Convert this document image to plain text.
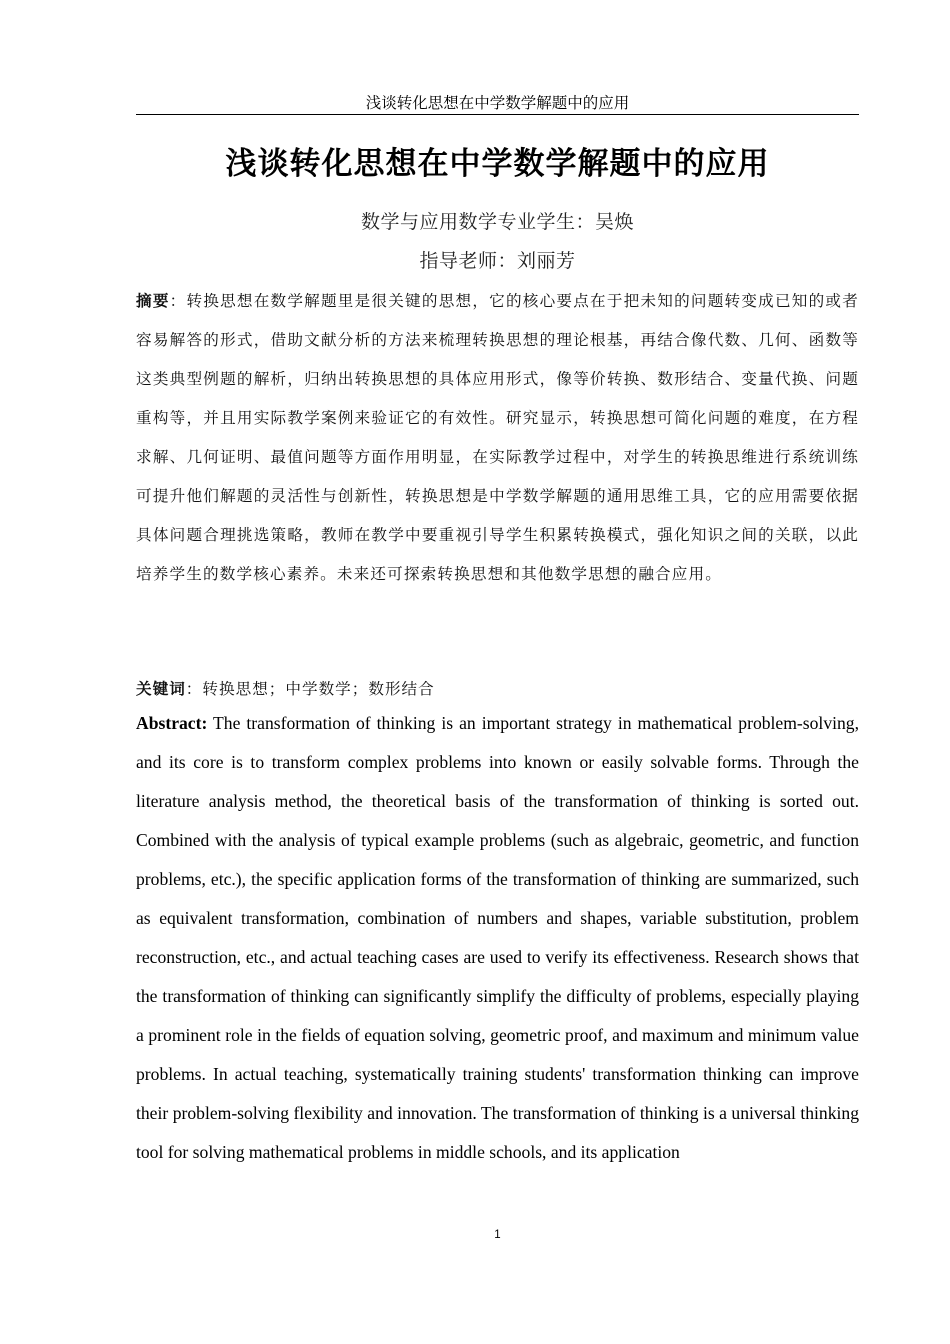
浅谈转化思想在中学数学解题中的应用
浅谈转化思想在中学数学解题中的应用
数学与应用数学专业学生：吴焕
指导老师：刘丽芳
摘要：转换思想在数学解题里是很关键的思想，它的核心要点在于把未知的问题转变成已知的或者容易解答的形式，借助文献分析的方法来梳理转换思想的理论根基，再结合像代数、几何、函数等这类典型例题的解析，归纳出转换思想的具体应用形式，像等价转换、数形结合、变量代换、问题重构等，并且用实际教学案例来验证它的有效性。研究显示，转换思想可简化问题的难度，在方程求解、几何证明、最值问题等方面作用明显，在实际教学过程中，对学生的转换思维进行系统训练可提升他们解题的灵活性与创新性，转换思想是中学数学解题的通用思维工具，它的应用需要依据具体问题合理挑选策略，教师在教学中要重视引导学生积累转换模式，强化知识之间的关联，以此培养学生的数学核心素养。未来还可探索转换思想和其他数学思想的融合应用。
关键词：转换思想；中学数学；数形结合
Abstract: The transformation of thinking is an important strategy in mathematical problem-solving, and its core is to transform complex problems into known or easily solvable forms. Through the literature analysis method, the theoretical basis of the transformation of thinking is sorted out. Combined with the analysis of typical example problems (such as algebraic, geometric, and function problems, etc.), the specific application forms of the transformation of thinking are summarized, such as equivalent transformation, combination of numbers and shapes, variable substitution, problem reconstruction, etc., and actual teaching cases are used to verify its effectiveness. Research shows that the transformation of thinking can significantly simplify the difficulty of problems, especially playing a prominent role in the fields of equation solving, geometric proof, and maximum and minimum value problems. In actual teaching, systematically training students' transformation thinking can improve their problem-solving flexibility and innovation. The transformation of thinking is a universal thinking tool for solving mathematical problems in middle schools, and its application
1
